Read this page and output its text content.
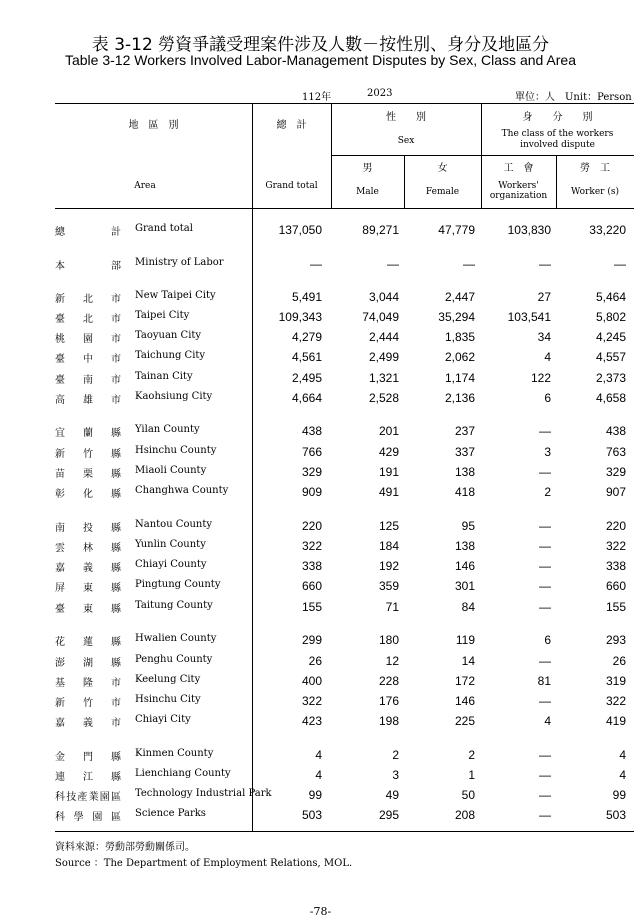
表 3-12 勞資爭議受理案件涉及人數－按性別、身分及地區分
Table 3-12 Workers Involved Labor-Management Disputes by Sex, Class and Area
112年	2023	單位：人　Unit：Person
地　區　別
Area
總　計
Grand total
性　　別
Sex
身　　分　　別
The class of the workers involved dispute
男
Male
女
Female
工　會
Workers' organization
勞　工
Worker (s)
總計 Grand total	137,050	89,271	47,779	103,830	33,220
本部 Ministry of Labor	—	—	—	—	—
新北市 New Taipei City	5,491	3,044	2,447	27	5,464
臺北市 Taipei City	109,343	74,049	35,294	103,541	5,802
桃園市 Taoyuan City	4,279	2,444	1,835	34	4,245
臺中市 Taichung City	4,561	2,499	2,062	4	4,557
臺南市 Tainan City	2,495	1,321	1,174	122	2,373
高雄市 Kaohsiung City	4,664	2,528	2,136	6	4,658
宜蘭縣 Yilan County	438	201	237	—	438
新竹縣 Hsinchu County	766	429	337	3	763
苗栗縣 Miaoli County	329	191	138	—	329
彰化縣 Changhwa County	909	491	418	2	907
南投縣 Nantou County	220	125	95	—	220
雲林縣 Yunlin County	322	184	138	—	322
嘉義縣 Chiayi County	338	192	146	—	338
屏東縣 Pingtung County	660	359	301	—	660
臺東縣 Taitung County	155	71	84	—	155
花蓮縣 Hwalien County	299	180	119	6	293
澎湖縣 Penghu County	26	12	14	—	26
基隆市 Keelung City	400	228	172	81	319
新竹市 Hsinchu City	322	176	146	—	322
嘉義市 Chiayi City	423	198	225	4	419
金門縣 Kinmen County	4	2	2	—	4
連江縣 Lienchiang County	4	3	1	—	4
科技產業園區 Technology Industrial Park	99	49	50	—	99
科學園區 Science Parks	503	295	208	—	503
資料來源：勞動部勞動關係司。
Source ：The Department of Employment Relations, MOL.
-78-
